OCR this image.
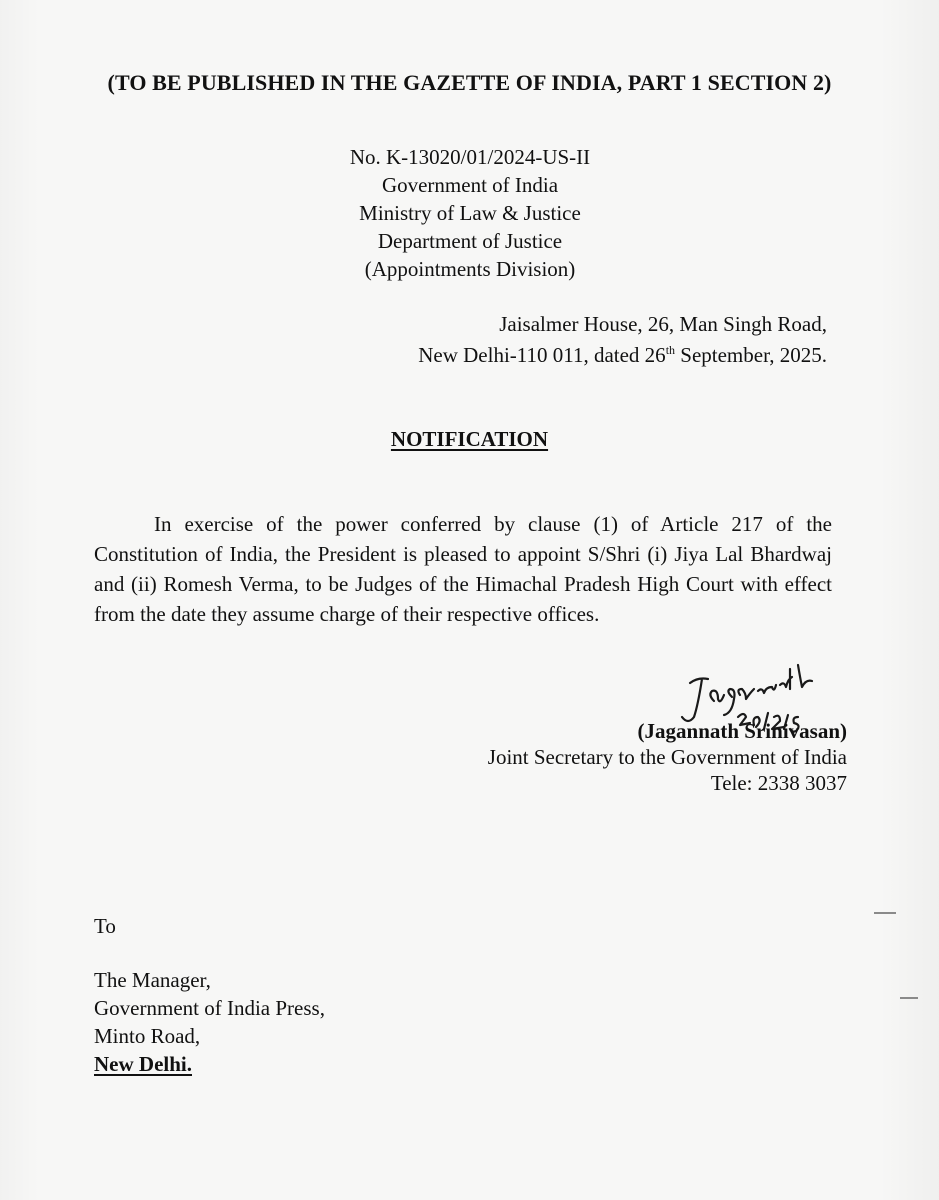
(TO BE PUBLISHED IN THE GAZETTE OF INDIA, PART 1 SECTION 2)
No. K-13020/01/2024-US-II
Government of India
Ministry of Law & Justice
Department of Justice
(Appointments Division)
Jaisalmer House, 26, Man Singh Road,
New Delhi-110 011, dated 26th September, 2025.
NOTIFICATION

In exercise of the power conferred by clause (1) of Article 217 of the Constitution of India, the President is pleased to appoint S/Shri (i) Jiya Lal Bhardwaj and (ii) Romesh Verma, to be Judges of the Himachal Pradesh High Court with effect from the date they assume charge of their respective offices.

(Jagannath Srinivasan)
Joint Secretary to the Government of India
Tele: 2338 3037
To
The Manager,
Government of India Press,
Minto Road,
New Delhi.
